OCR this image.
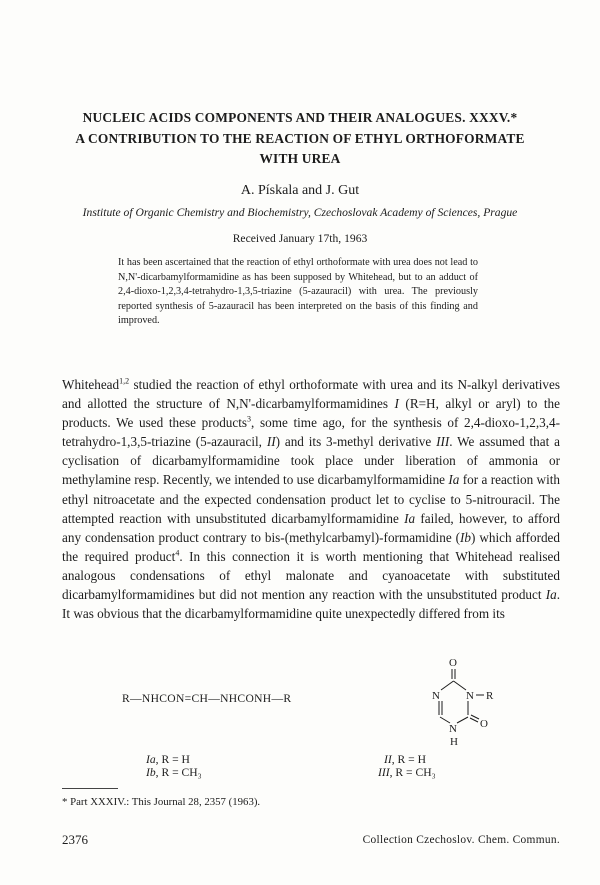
NUCLEIC ACIDS COMPONENTS AND THEIR ANALOGUES. XXXV.*
A CONTRIBUTION TO THE REACTION OF ETHYL ORTHOFORMATE
WITH UREA
A. Pískala and J. Gut
Institute of Organic Chemistry and Biochemistry, Czechoslovak Academy of Sciences, Prague
Received January 17th, 1963
It has been ascertained that the reaction of ethyl orthoformate with urea does not lead to N,N'-dicarbamylformamidine as has been supposed by Whitehead, but to an adduct of 2,4-dioxo-1,2,3,4-tetrahydro-1,3,5-triazine (5-azauracil) with urea. The previously reported synthesis of 5-azauracil has been interpreted on the basis of this finding and improved.
Whitehead$^{1,2}$ studied the reaction of ethyl orthoformate with urea and its N-alkyl derivatives and allotted the structure of N,N'-dicarbamylformamidines I (R=H, alkyl or aryl) to the products. We used these products$^3$, some time ago, for the synthesis of 2,4-dioxo-1,2,3,4-tetrahydro-1,3,5-triazine (5-azauracil, II) and its 3-methyl derivative III. We assumed that a cyclisation of dicarbamylformamidine took place under liberation of ammonia or methylamine resp. Recently, we intended to use dicarbamylformamidine Ia for a reaction with ethyl nitroacetate and the expected condensation product let to cyclise to 5-nitrouracil. The attempted reaction with unsubstituted dicarbamylformamidine Ia failed, however, to afford any condensation product contrary to bis-(methylcarbamyl)-formamidine (Ib) which afforded the required product$^4$. In this connection it is worth mentioning that Whitehead realised analogous condensations of ethyl malonate and cyanoacetate with substituted dicarbamylformamidines but did not mention any reaction with the unsubstituted product Ia. It was obvious that the dicarbamylformamidine quite unexpectedly differed from its
R—NHCON=CH—NHCONH—R
O
N N R
N
H
O
Ia, R = H
Ib, R = CH₃
II, R = H
III, R = CH₃
* Part XXXIV.: This Journal 28, 2357 (1963).
2376	Collection Czechoslov. Chem. Commun.
